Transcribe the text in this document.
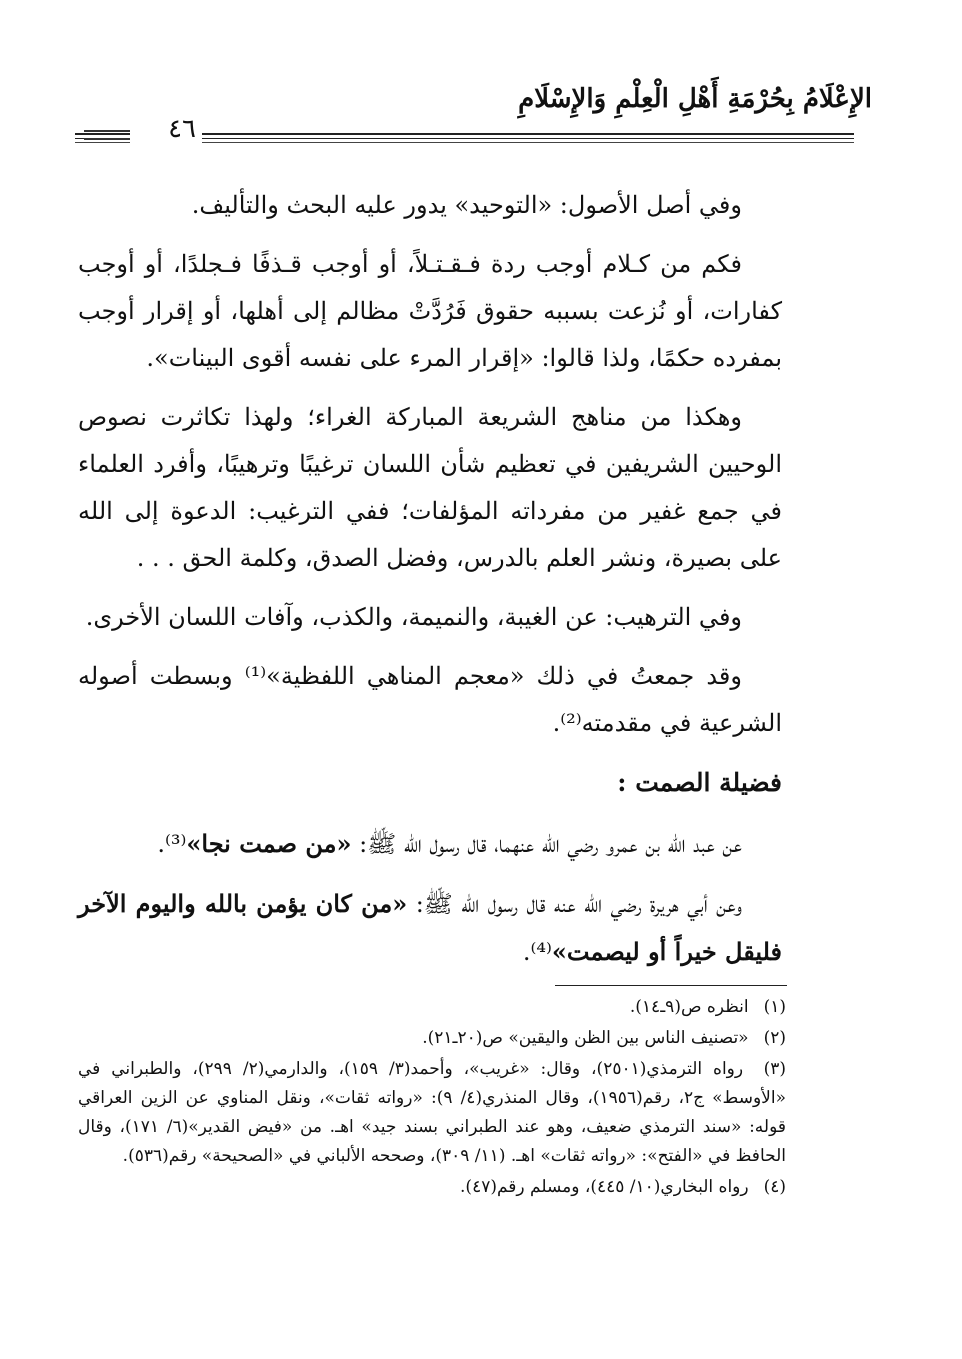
الإِعْلَامُ بِحُرْمَةِ أَهْلِ الْعِلْمِ وَالإِسْلَامِ
٤٦

وفي أصل الأصول: «التوحيد» يدور عليه البحث والتأليف.

فكم من كـلام أوجب ردة فـقـتـلاً، أو أوجب قـذفًا فـجلدًا، أو أوجب كفارات، أو نُزعت بسببه حقوق فَرُدَّتْ مظالم إلى أهلها، أو إقرار أوجب بمفرده حكمًا، ولذا قالوا: «إقرار المرء على نفسه أقوى البينات».

وهكذا من مناهج الشريعة المباركة الغراء؛ ولهذا تكاثرت نصوص الوحيين الشريفين في تعظيم شأن اللسان ترغيبًا وترهيبًا، وأفرد العلماء في جمع غفير من مفرداته المؤلفات؛ ففي الترغيب: الدعوة إلى الله على بصيرة، ونشر العلم بالدرس، وفضل الصدق، وكلمة الحق . . .

وفي الترهيب: عن الغيبة، والنميمة، والكذب، وآفات اللسان الأخرى.

وقد جمعتُ في ذلك «معجم المناهي اللفظية»⁽¹⁾ وبسطت أصوله الشرعية في مقدمته⁽²⁾.

فضيلة الصمت :

عن عبد الله بن عمرو رضي الله عنهما، قال رسول الله ﷺ: «من صمت نجا»⁽³⁾.

وعن أبي هريرة رضي الله عنه قال رسول الله ﷺ: «من كان يؤمن بالله واليوم الآخر فليقل خيراً أو ليصمت»⁽⁴⁾.

(١) انظره ص(٩ـ١٤).
(٢) «تصنيف الناس بين الظن واليقين» ص(٢٠ـ٢١).
(٣) رواه الترمذي(٢٥٠١)، وقال: «غريب»، وأحمد(٣/ ١٥٩)، والدارمي(٢/ ٢٩٩)، والطبراني في «الأوسط» ج٢، رقم(١٩٥٦)، وقال المنذري(٤/ ٩): «رواته ثقات»، ونقل المناوي عن الزين العراقي قوله: «سند الترمذي ضعيف، وهو عند الطبراني بسند جيد» اهـ. من «فيض القدير»(٦/ ١٧١)، وقال الحافظ في «الفتح»: «رواته ثقات» اهـ. (١١/ ٣٠٩)، وصححه الألباني في «الصحيحة» رقم(٥٣٦).
(٤) رواه البخاري(١٠/ ٤٤٥)، ومسلم رقم(٤٧).
